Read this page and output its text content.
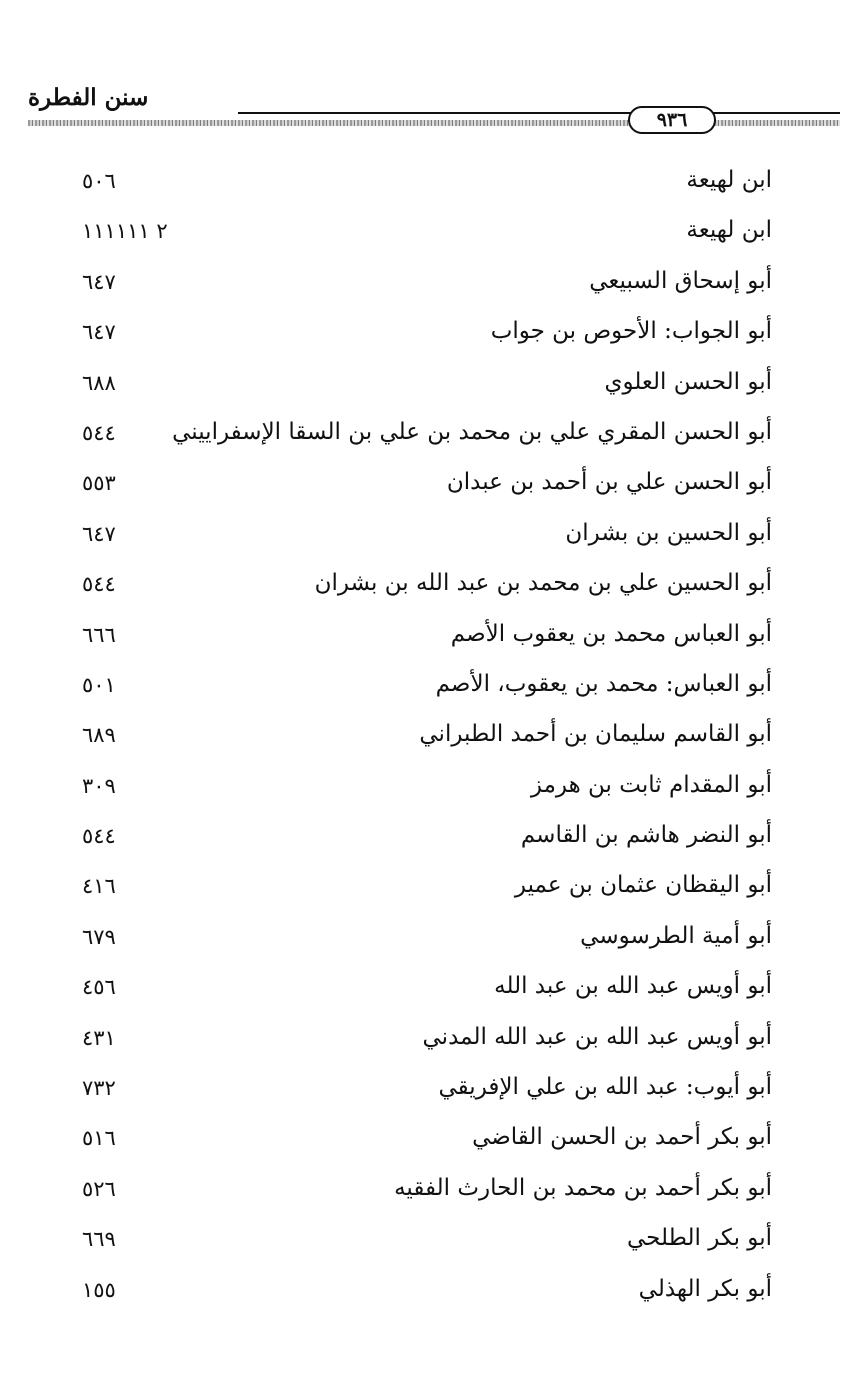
سنن الفطرة
٩٣٦
ابن لهيعة
٥٠٦
ابن لهيعة
٢ ١١١١١١
أبو إسحاق السبيعي
٦٤٧
أبو الجواب: الأحوص بن جواب
٦٤٧
أبو الحسن العلوي
٦٨٨
أبو الحسن المقري علي بن محمد بن علي بن السقا الإسفراييني
٥٤٤
أبو الحسن علي بن أحمد بن عبدان
٥٥٣
أبو الحسين بن بشران
٦٤٧
أبو الحسين علي بن محمد بن عبد الله بن بشران
٥٤٤
أبو العباس محمد بن يعقوب الأصم
٦٦٦
أبو العباس: محمد بن يعقوب، الأصم
٥٠١
أبو القاسم سليمان بن أحمد الطبراني
٦٨٩
أبو المقدام ثابت بن هرمز
٣٠٩
أبو النضر هاشم بن القاسم
٥٤٤
أبو اليقظان عثمان بن عمير
٤١٦
أبو أمية الطرسوسي
٦٧٩
أبو أويس عبد الله بن عبد الله
٤٥٦
أبو أويس عبد الله بن عبد الله المدني
٤٣١
أبو أيوب: عبد الله بن علي الإفريقي
٧٣٢
أبو بكر أحمد بن الحسن القاضي
٥١٦
أبو بكر أحمد بن محمد بن الحارث الفقيه
٥٢٦
أبو بكر الطلحي
٦٦٩
أبو بكر الهذلي
١٥٥
